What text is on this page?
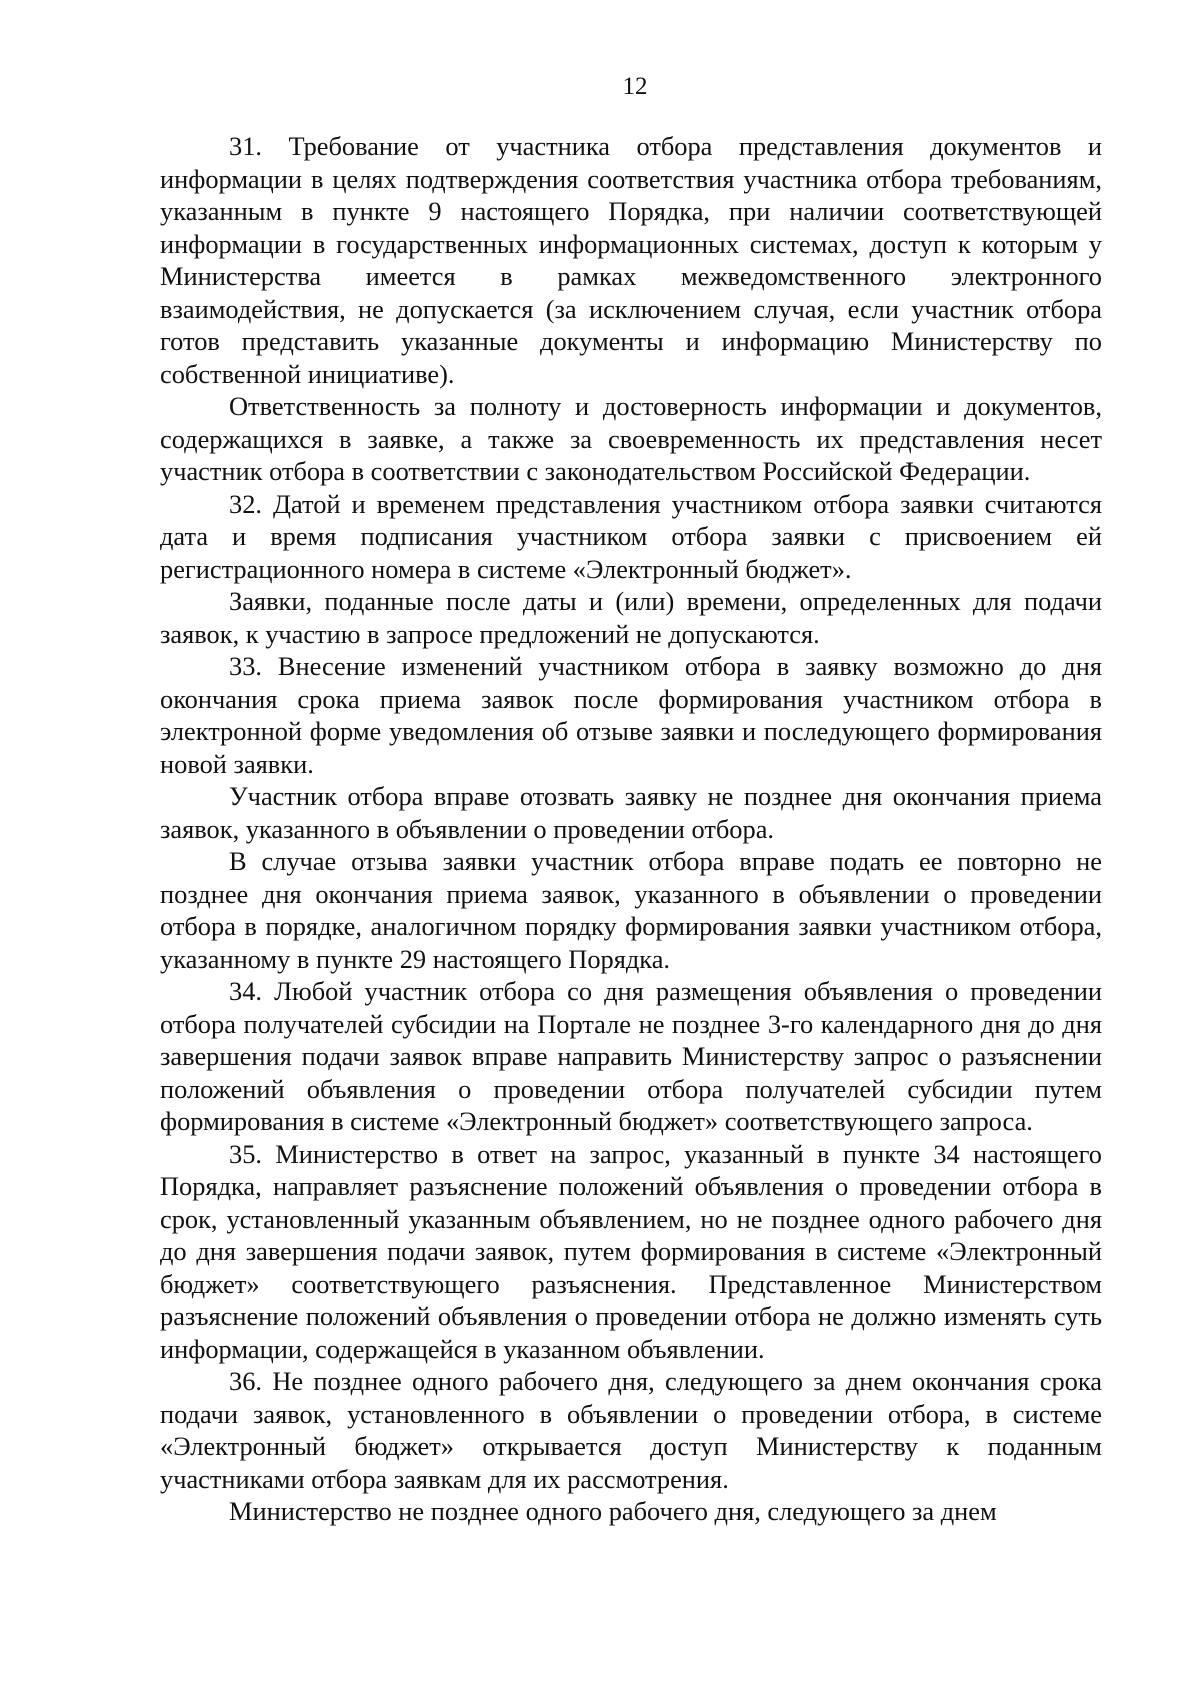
12

31. Требование от участника отбора представления документов и информации в целях подтверждения соответствия участника отбора требованиям, указанным в пункте 9 настоящего Порядка, при наличии соответствующей информации в государственных информационных системах, доступ к которым у Министерства имеется в рамках межведомственного электронного взаимодействия, не допускается (за исключением случая, если участник отбора готов представить указанные документы и информацию Министерству по собственной инициативе).

Ответственность за полноту и достоверность информации и документов, содержащихся в заявке, а также за своевременность их представления несет участник отбора в соответствии с законодательством Российской Федерации.

32. Датой и временем представления участником отбора заявки считаются дата и время подписания участником отбора заявки с присвоением ей регистрационного номера в системе «Электронный бюджет».

Заявки, поданные после даты и (или) времени, определенных для подачи заявок, к участию в запросе предложений не допускаются.

33. Внесение изменений участником отбора в заявку возможно до дня окончания срока приема заявок после формирования участником отбора в электронной форме уведомления об отзыве заявки и последующего формирования новой заявки.

Участник отбора вправе отозвать заявку не позднее дня окончания приема заявок, указанного в объявлении о проведении отбора.

В случае отзыва заявки участник отбора вправе подать ее повторно не позднее дня окончания приема заявок, указанного в объявлении о проведении отбора в порядке, аналогичном порядку формирования заявки участником отбора, указанному в пункте 29 настоящего Порядка.

34. Любой участник отбора со дня размещения объявления о проведении отбора получателей субсидии на Портале не позднее 3-го календарного дня до дня завершения подачи заявок вправе направить Министерству запрос о разъяснении положений объявления о проведении отбора получателей субсидии путем формирования в системе «Электронный бюджет» соответствующего запроса.

35. Министерство в ответ на запрос, указанный в пункте 34 настоящего Порядка, направляет разъяснение положений объявления о проведении отбора в срок, установленный указанным объявлением, но не позднее одного рабочего дня до дня завершения подачи заявок, путем формирования в системе «Электронный бюджет» соответствующего разъяснения. Представленное Министерством разъяснение положений объявления о проведении отбора не должно изменять суть информации, содержащейся в указанном объявлении.

36. Не позднее одного рабочего дня, следующего за днем окончания срока подачи заявок, установленного в объявлении о проведении отбора, в системе «Электронный бюджет» открывается доступ Министерству к поданным участниками отбора заявкам для их рассмотрения.

Министерство не позднее одного рабочего дня, следующего за днем
